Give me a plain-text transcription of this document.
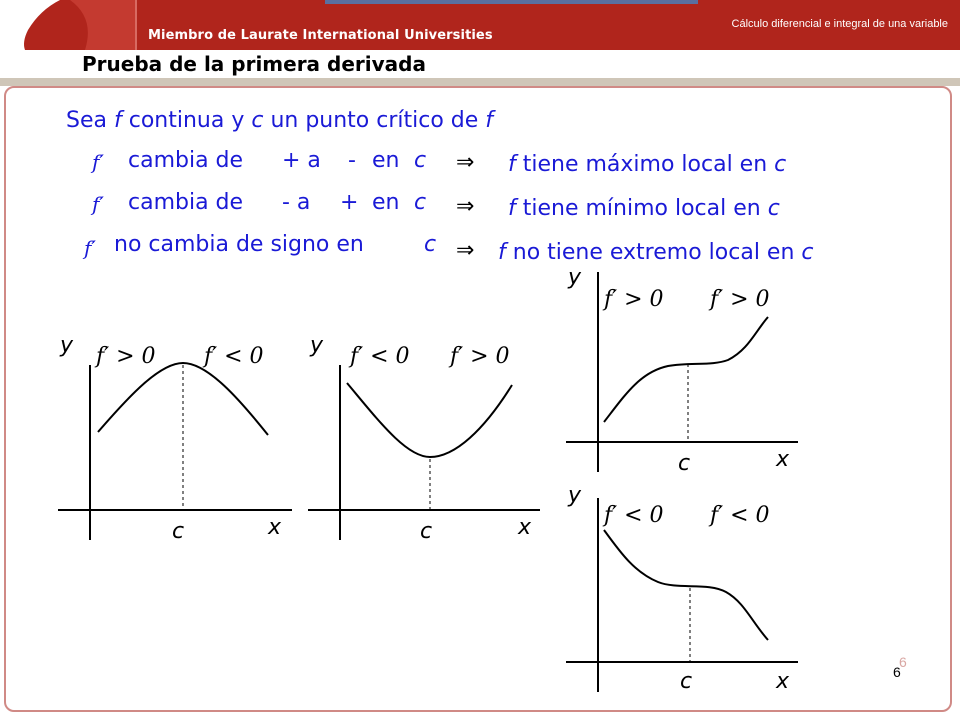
Miembro de Laurate International Universities
Cálculo diferencial e integral de una variable
Prueba de la primera derivada
Sea f continua y c un punto crítico de f
f′ cambia de + a - en c ⇒ f tiene máximo local en c
f′ cambia de - a + en c ⇒ f tiene mínimo local en c
f′ no cambia de signo en	c ⇒ f no tiene extremo local en c
y
x
c
f′ > 0 f′ < 0 y
x
c
f′ < 0 f′ > 0
y
x
c
f′ > 0 f′ > 0
y
x
c
f′ < 0 f′ < 0
6
6
